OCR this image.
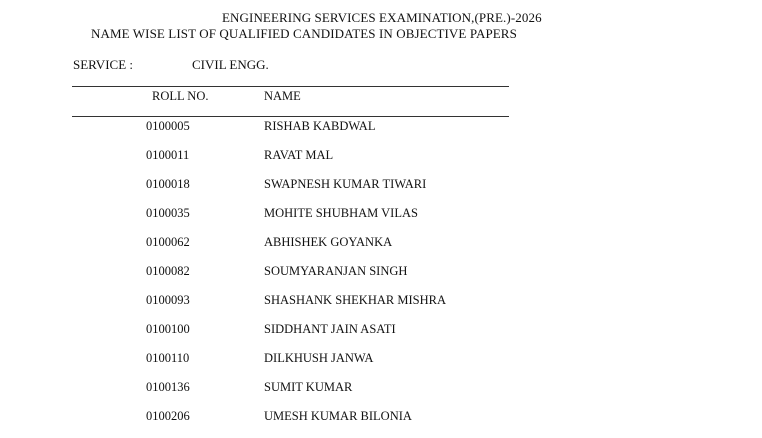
ENGINEERING SERVICES EXAMINATION,(PRE.)-2026
NAME WISE LIST OF QUALIFIED CANDIDATES IN OBJECTIVE PAPERS
SERVICE :	CIVIL ENGG.
ROLL NO.	NAME
0100005	RISHAB KABDWAL
0100011	RAVAT MAL
0100018	SWAPNESH KUMAR TIWARI
0100035	MOHITE SHUBHAM VILAS
0100062	ABHISHEK GOYANKA
0100082	SOUMYARANJAN SINGH
0100093	SHASHANK SHEKHAR MISHRA
0100100	SIDDHANT JAIN ASATI
0100110	DILKHUSH JANWA
0100136	SUMIT KUMAR
0100206	UMESH KUMAR BILONIA
